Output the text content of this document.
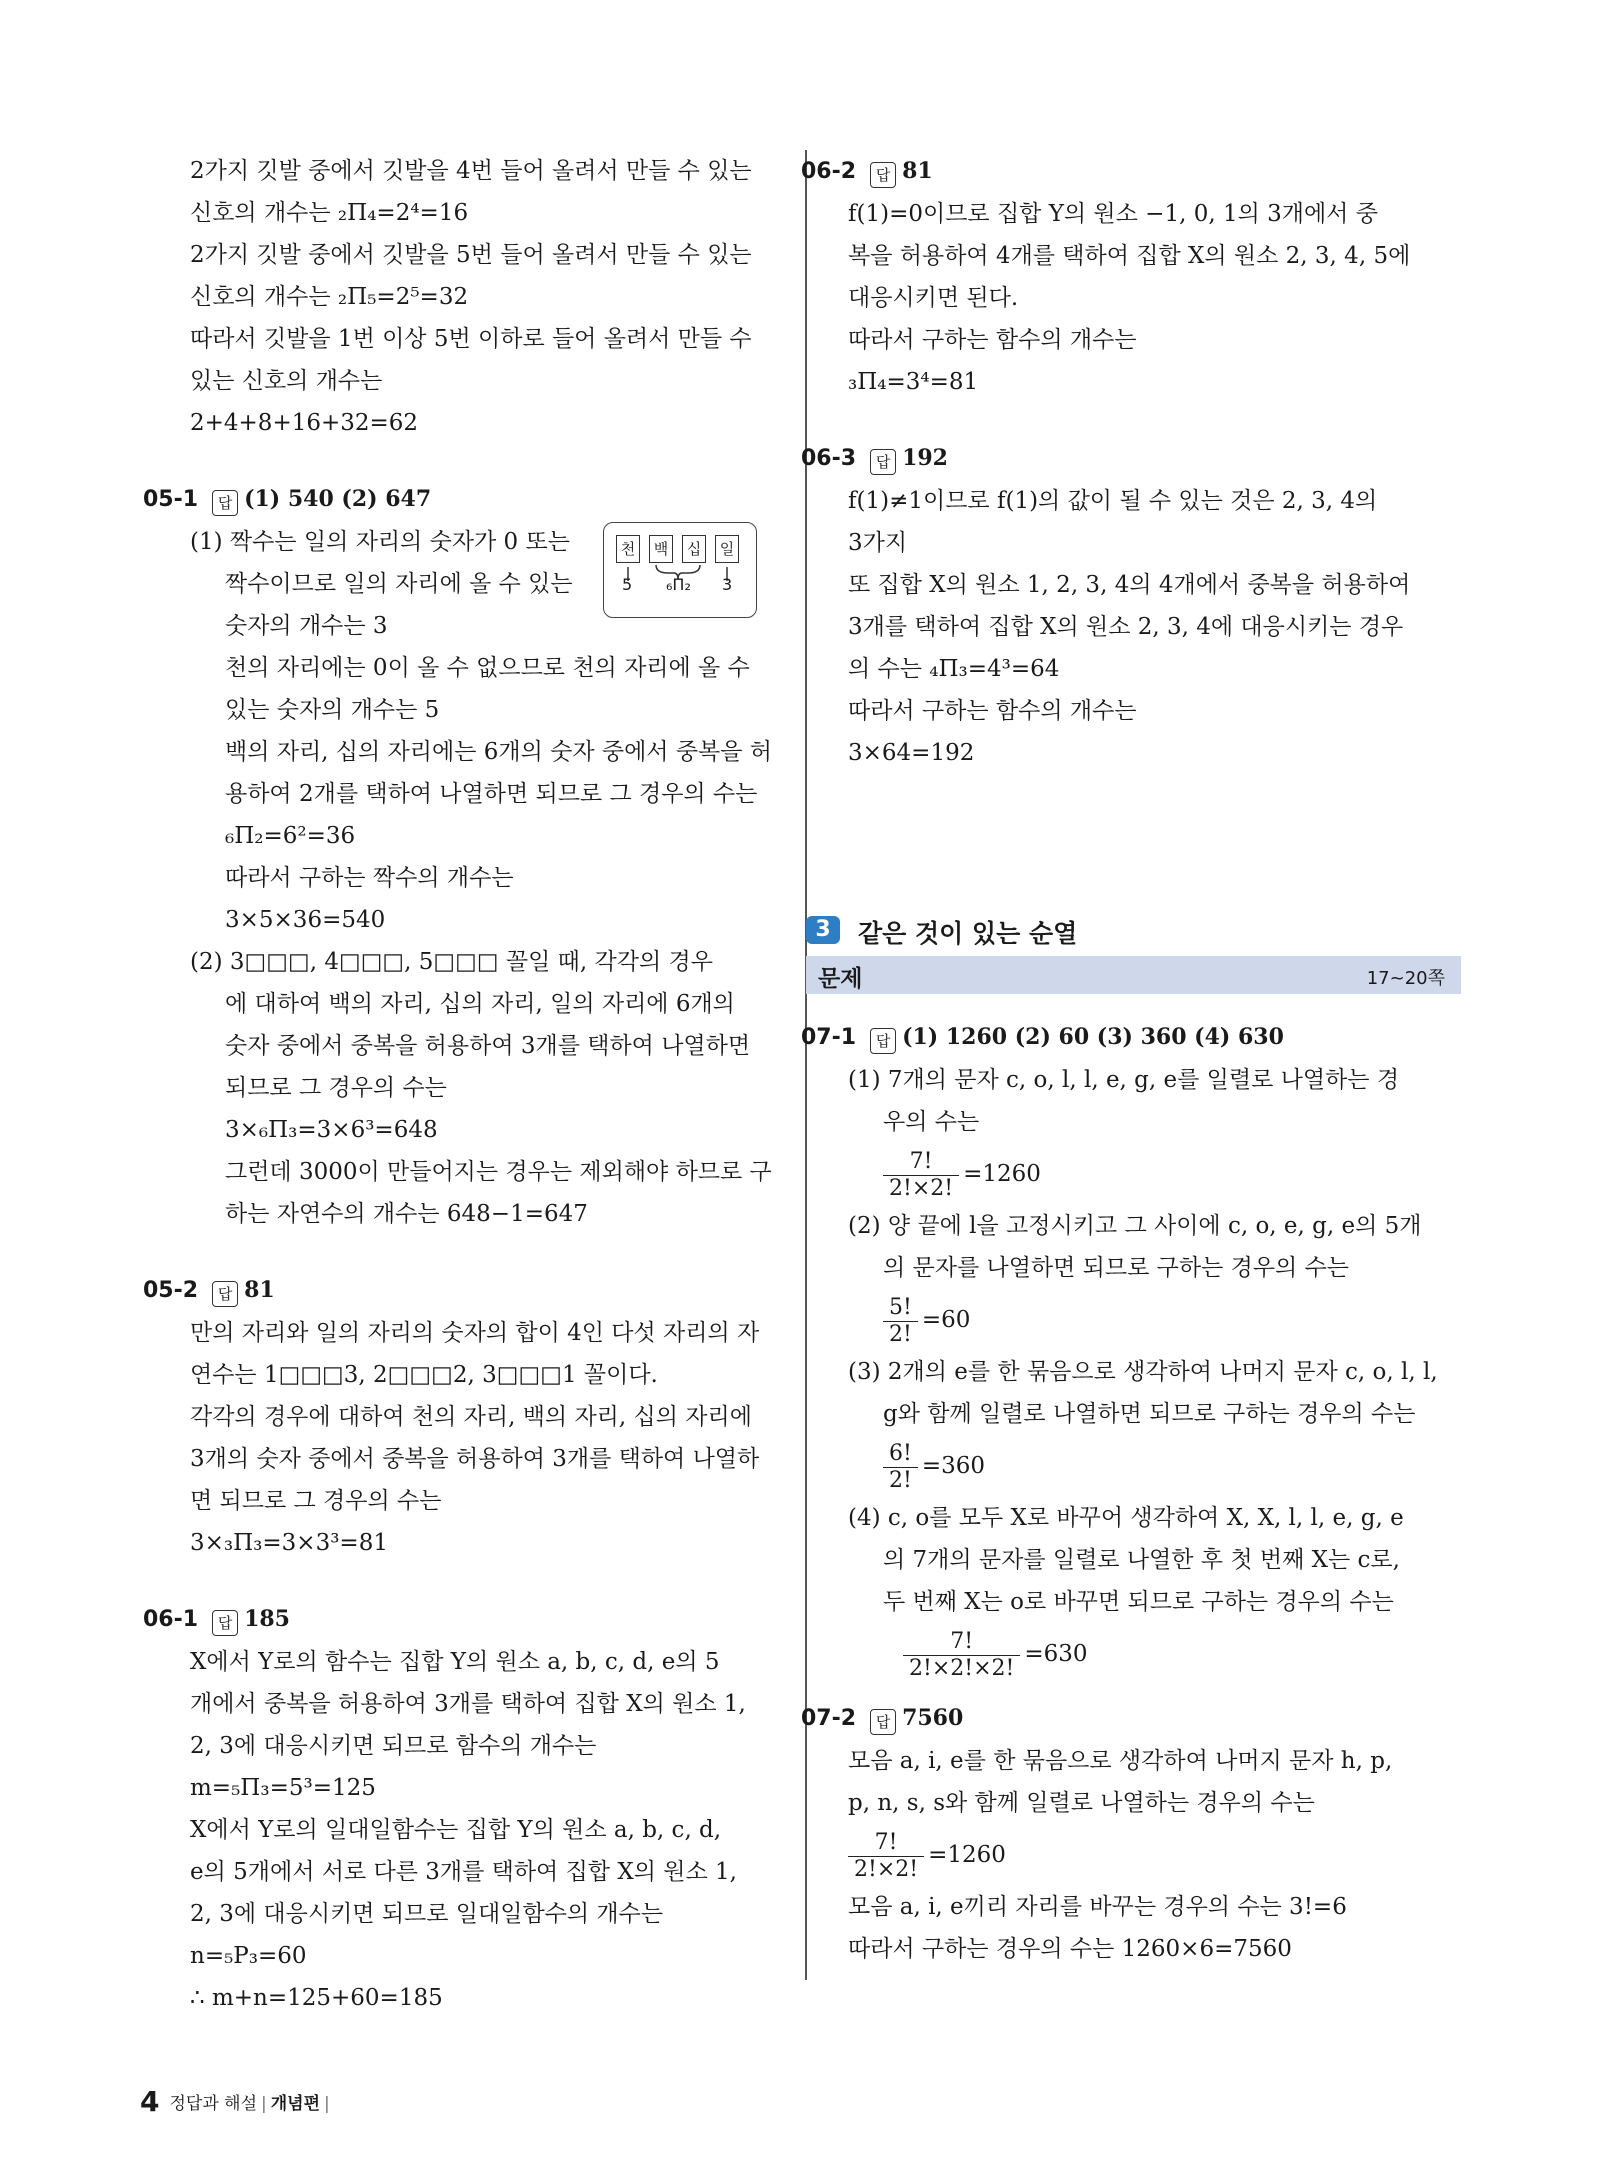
2가지 깃발 중에서 깃발을 4번 들어 올려서 만들 수 있는
신호의 개수는 ₂Π₄=2⁴=16
2가지 깃발 중에서 깃발을 5번 들어 올려서 만들 수 있는
신호의 개수는 ₂Π₅=2⁵=32
따라서 깃발을 1번 이상 5번 이하로 들어 올려서 만들 수
있는 신호의 개수는
2+4+8+16+32=62
05-1 답 (1) 540 (2) 647
(1) 짝수는 일의 자리의 숫자가 0 또는
짝수이므로 일의 자리에 올 수 있는
숫자의 개수는 3
천의 자리에는 0이 올 수 없으므로 천의 자리에 올 수
있는 숫자의 개수는 5
백의 자리, 십의 자리에는 6개의 숫자 중에서 중복을 허
용하여 2개를 택하여 나열하면 되므로 그 경우의 수는
₆Π₂=6²=36
따라서 구하는 짝수의 개수는
3×5×36=540
(2) 3□□□, 4□□□, 5□□□ 꼴일 때, 각각의 경우
에 대하여 백의 자리, 십의 자리, 일의 자리에 6개의
숫자 중에서 중복을 허용하여 3개를 택하여 나열하면
되므로 그 경우의 수는
3×₆Π₃=3×6³=648
그런데 3000이 만들어지는 경우는 제외해야 하므로 구
하는 자연수의 개수는 648−1=647
05-2 답 81
만의 자리와 일의 자리의 숫자의 합이 4인 다섯 자리의 자
연수는 1□□□3, 2□□□2, 3□□□1 꼴이다.
각각의 경우에 대하여 천의 자리, 백의 자리, 십의 자리에
3개의 숫자 중에서 중복을 허용하여 3개를 택하여 나열하
면 되므로 그 경우의 수는
3×₃Π₃=3×3³=81
06-1 답 185
X에서 Y로의 함수는 집합 Y의 원소 a, b, c, d, e의 5
개에서 중복을 허용하여 3개를 택하여 집합 X의 원소 1,
2, 3에 대응시키면 되므로 함수의 개수는
m=₅Π₃=5³=125
X에서 Y로의 일대일함수는 집합 Y의 원소 a, b, c, d,
e의 5개에서 서로 다른 3개를 택하여 집합 X의 원소 1,
2, 3에 대응시키면 되므로 일대일함수의 개수는
n=₅P₃=60
∴ m+n=125+60=185
천	백	십	일
5 ₆Π₂ 3
06-2 답 81
f(1)=0이므로 집합 Y의 원소 −1, 0, 1의 3개에서 중
복을 허용하여 4개를 택하여 집합 X의 원소 2, 3, 4, 5에
대응시키면 된다.
따라서 구하는 함수의 개수는
₃Π₄=3⁴=81
06-3 답 192
f(1)≠1이므로 f(1)의 값이 될 수 있는 것은 2, 3, 4의
3가지
또 집합 X의 원소 1, 2, 3, 4의 4개에서 중복을 허용하여
3개를 택하여 집합 X의 원소 2, 3, 4에 대응시키는 경우
의 수는 ₄Π₃=4³=64
따라서 구하는 함수의 개수는
3×64=192
3	같은 것이 있는 순열
문제	17~20쪽
07-1 답 (1) 1260 (2) 60 (3) 360 (4) 630
(1) 7개의 문자 c, o, l, l, e, g, e를 일렬로 나열하는 경
우의 수는
$\frac{7!}{2!\times 2!} =1260$
(2) 양 끝에 l을 고정시키고 그 사이에 c, o, e, g, e의 5개
의 문자를 나열하면 되므로 구하는 경우의 수는
$\frac{5!}{2!} =60$
(3) 2개의 e를 한 묶음으로 생각하여 나머지 문자 c, o, l, l,
g와 함께 일렬로 나열하면 되므로 구하는 경우의 수는
$\frac{6!}{2!} =360$
(4) c, o를 모두 X로 바꾸어 생각하여 X, X, l, l, e, g, e
의 7개의 문자를 일렬로 나열한 후 첫 번째 X는 c로,
두 번째 X는 o로 바꾸면 되므로 구하는 경우의 수는
$\frac{7!}{2!\times 2!\times 2!} =630$
07-2 답 7560
모음 a, i, e를 한 묶음으로 생각하여 나머지 문자 h, p,
p, n, s, s와 함께 일렬로 나열하는 경우의 수는
$\frac{7!}{2!\times 2!} =1260$
모음 a, i, e끼리 자리를 바꾸는 경우의 수는 3!=6
따라서 구하는 경우의 수는 1260×6=7560
4 정답과 해설 | 개념편 |
